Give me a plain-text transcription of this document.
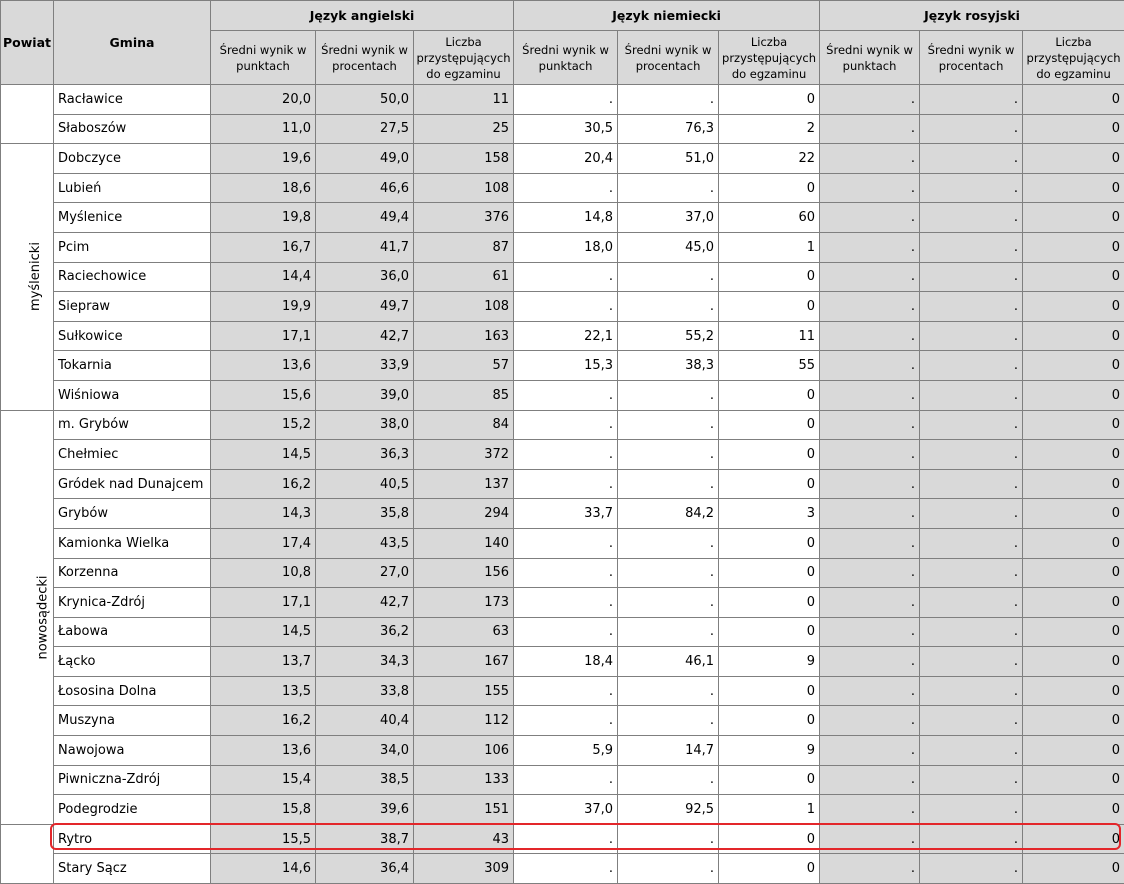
Powiat	Gmina	Język angielski			Język niemiecki			Język rosyjski		
		Średni wynik w punktach	Średni wynik w procentach	Liczba przystępujących do egzaminu	Średni wynik w punktach	Średni wynik w procentach	Liczba przystępujących do egzaminu	Średni wynik w punktach	Średni wynik w procentach	Liczba przystępujących do egzaminu
	Racławice	20,0	50,0	11	.	.	0	.	.	0
	Słaboszów	11,0	27,5	25	30,5	76,3	2	.	.	0
myślenicki	Dobczyce	19,6	49,0	158	20,4	51,0	22	.	.	0
	Lubień	18,6	46,6	108	.	.	0	.	.	0
	Myślenice	19,8	49,4	376	14,8	37,0	60	.	.	0
	Pcim	16,7	41,7	87	18,0	45,0	1	.	.	0
	Raciechowice	14,4	36,0	61	.	.	0	.	.	0
	Siepraw	19,9	49,7	108	.	.	0	.	.	0
	Sułkowice	17,1	42,7	163	22,1	55,2	11	.	.	0
	Tokarnia	13,6	33,9	57	15,3	38,3	55	.	.	0
	Wiśniowa	15,6	39,0	85	.	.	0	.	.	0
nowosądecki	m. Grybów	15,2	38,0	84	.	.	0	.	.	0
	Chełmiec	14,5	36,3	372	.	.	0	.	.	0
	Gródek nad Dunajcem	16,2	40,5	137	.	.	0	.	.	0
	Grybów	14,3	35,8	294	33,7	84,2	3	.	.	0
	Kamionka Wielka	17,4	43,5	140	.	.	0	.	.	0
	Korzenna	10,8	27,0	156	.	.	0	.	.	0
	Krynica-Zdrój	17,1	42,7	173	.	.	0	.	.	0
	Łabowa	14,5	36,2	63	.	.	0	.	.	0
	Łącko	13,7	34,3	167	18,4	46,1	9	.	.	0
	Łososina Dolna	13,5	33,8	155	.	.	0	.	.	0
	Muszyna	16,2	40,4	112	.	.	0	.	.	0
	Nawojowa	13,6	34,0	106	5,9	14,7	9	.	.	0
	Piwniczna-Zdrój	15,4	38,5	133	.	.	0	.	.	0
	Podegrodzie	15,8	39,6	151	37,0	92,5	1	.	.	0
	Rytro	15,5	38,7	43	.	.	0	.	.	0
	Stary Sącz	14,6	36,4	309	.	.	0	.	.	0
